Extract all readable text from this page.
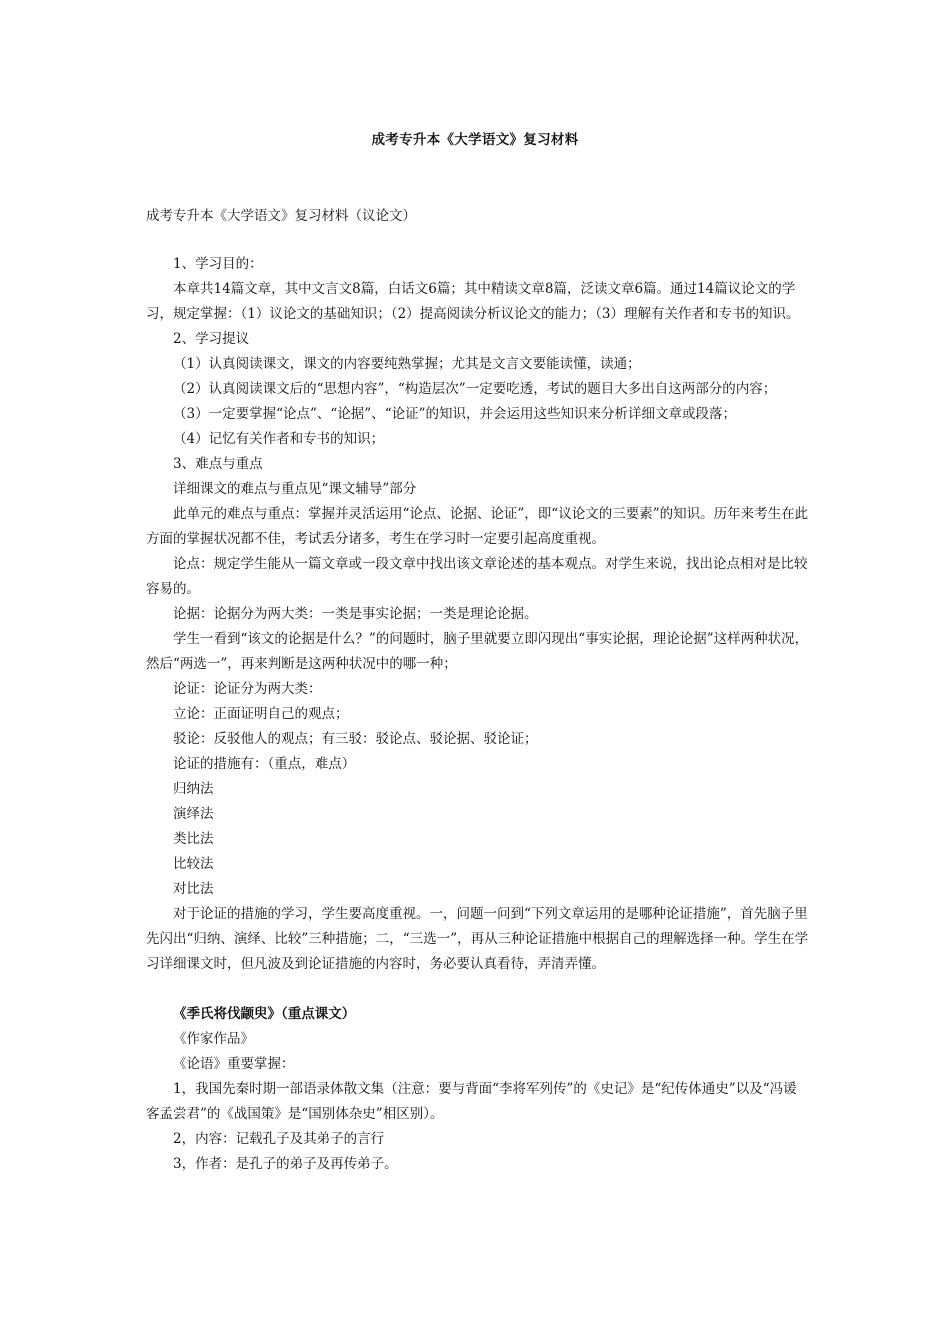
成考专升本《大学语文》复习材料
成考专升本《大学语文》复习材料（议论文）

1、学习目的：

本章共14篇文章，其中文言文8篇，白话文6篇；其中精读文章8篇，泛读文章6篇。通过14篇议论文的学习，规定掌握：（1）议论文的基础知识；（2）提高阅读分析议论文的能力；（3）理解有关作者和专书的知识。

2、学习提议

（1）认真阅读课文，课文的内容要纯熟掌握；尤其是文言文要能读懂，读通；

（2）认真阅读课文后的“思想内容”，“构造层次”一定要吃透，考试的题目大多出自这两部分的内容；

（3）一定要掌握“论点”、“论据”、“论证”的知识，并会运用这些知识来分析详细文章或段落；

（4）记忆有关作者和专书的知识；

3、难点与重点

详细课文的难点与重点见“课文辅导”部分

此单元的难点与重点：掌握并灵活运用“论点、论据、论证”，即“议论文的三要素”的知识。历年来考生在此方面的掌握状况都不佳，考试丢分诸多，考生在学习时一定要引起高度重视。

论点：规定学生能从一篇文章或一段文章中找出该文章论述的基本观点。对学生来说，找出论点相对是比较容易的。

论据：论据分为两大类：一类是事实论据；一类是理论论据。

学生一看到“该文的论据是什么？”的问题时，脑子里就要立即闪现出“事实论据，理论论据”这样两种状况，然后“两选一”，再来判断是这两种状况中的哪一种；

论证：论证分为两大类：

立论：正面证明自己的观点；

驳论：反驳他人的观点；有三驳：驳论点、驳论据、驳论证；

论证的措施有：（重点，难点）

归纳法

演绎法

类比法

比较法

对比法

对于论证的措施的学习，学生要高度重视。一，问题一问到“下列文章运用的是哪种论证措施”，首先脑子里先闪出“归纳、演绎、比较”三种措施；二，“三选一”，再从三种论证措施中根据自己的理解选择一种。学生在学习详细课文时，但凡波及到论证措施的内容时，务必要认真看待，弄清弄懂。

《季氏将伐颛臾》（重点课文）

《作家作品》

《论语》重要掌握：

1，我国先秦时期一部语录体散文集（注意：要与背面“李将军列传”的《史记》是“纪传体通史”以及“冯谖客孟尝君”的《战国策》是“国别体杂史”相区别）。

2，内容：记载孔子及其弟子的言行

3，作者：是孔子的弟子及再传弟子。
